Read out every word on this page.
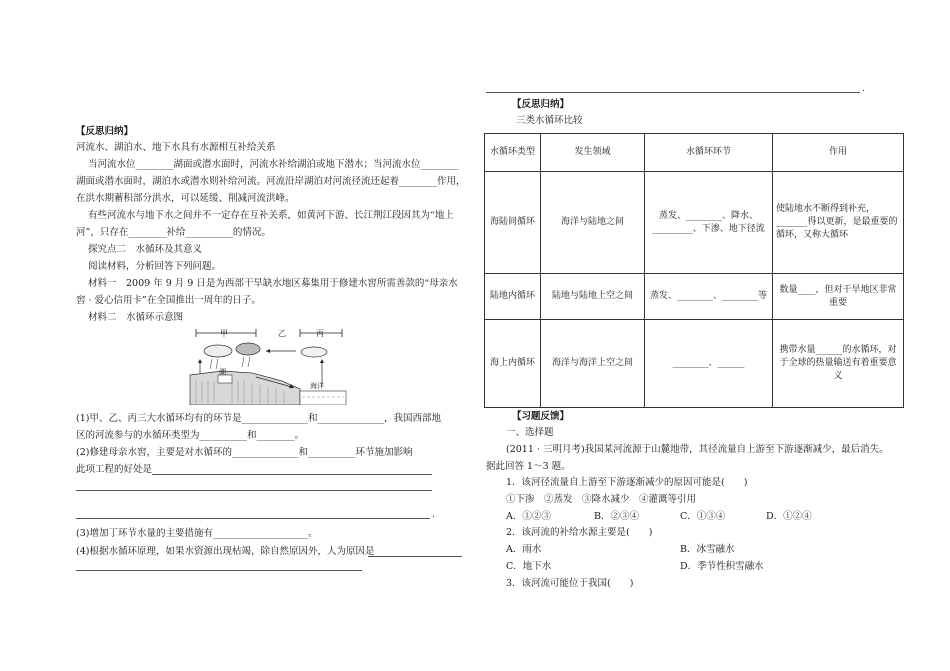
.
【反思归纳】
河流水、湖泊水、地下水具有水源相互补给关系
当河流水位________湖面或潜水面时，河流水补给湖泊或地下潜水；当河流水位________
湖面或潜水面时，湖泊水或潜水则补给河流。河流沿岸湖泊对河流径流还起着________作用，
在洪水期蓄积部分洪水，可以延缓、削减河流洪峰。
有些河流水与地下水之间并不一定存在互补关系，如黄河下游、长江荆江段因其为“地上
河”，只存在________补给__________的情况。
探究点二　水循环及其意义
阅读材料，分析回答下列问题。
材料一　2009 年 9 月 9 日是为西部干旱缺水地区募集用于修建水窖所需善款的“母亲水
窖 · 爱心信用卡”在全国推出一周年的日子。
材料二　水循环示意图
甲	乙	丙
湖
海洋
(1)甲、乙、丙三大水循环均有的环节是______________和______________，我国西部地
区的河流参与的水循环类型为__________和________。
(2)修建母亲水窖，主要是对水循环的______________和__________环节施加影响
此项工程的好处是
.
(3)增加丁环节水量的主要措施有____________________。
(4)根据水循环原理，如果水资源出现枯竭，除自然原因外，人为原因是
【反思归纳】
三类水循环比较
水循环类型	发生领域	水循环环节	作用
海陆间循环	海洋与陆地之间	蒸发、________、降水、_________、下渗、地下径流	使陆地水不断得到补充，_______得以更新，是最重要的循环，又称大循环
陆地内循环	陆地与陆地上空之间	蒸发、________、________等	数量____，但对干旱地区非常重要
海上内循环	海洋与海洋上空之间	________、______	携带水量______的水循环，对于全球的热量输送有着重要意义
【习题反馈】
一、选择题
(2011 · 三明月考)我国某河流源于山麓地带，其径流量自上游至下游逐渐减少，最后消失。
据此回答 1～3 题。
1．该河径流量自上游至下游逐渐减少的原因可能是(　　)
①下渗　②蒸发　③降水减少　④灌溉等引用
A．①②③	B．②③④	C．①③④	D．①②④
2．该河流的补给水源主要是(　　)
A．雨水	B．冰雪融水
C．地下水	D．季节性积雪融水
3．该河流可能位于我国(　　)
